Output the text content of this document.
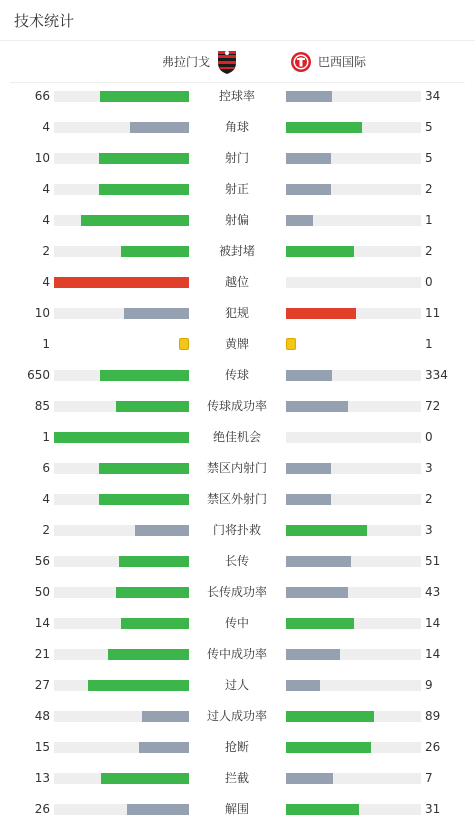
技术统计
弗拉门戈	巴西国际
66	控球率	34
4	角球	5
10	射门	5
4	射正	2
4	射偏	1
2	被封堵	2
4	越位	0
10	犯规	11
1	黄牌	1
650	传球	334
85	传球成功率	72
1	绝佳机会	0
6	禁区内射门	3
4	禁区外射门	2
2	门将扑救	3
56	长传	51
50	长传成功率	43
14	传中	14
21	传中成功率	14
27	过人	9
48	过人成功率	89
15	抢断	26
13	拦截	7
26	解围	31
